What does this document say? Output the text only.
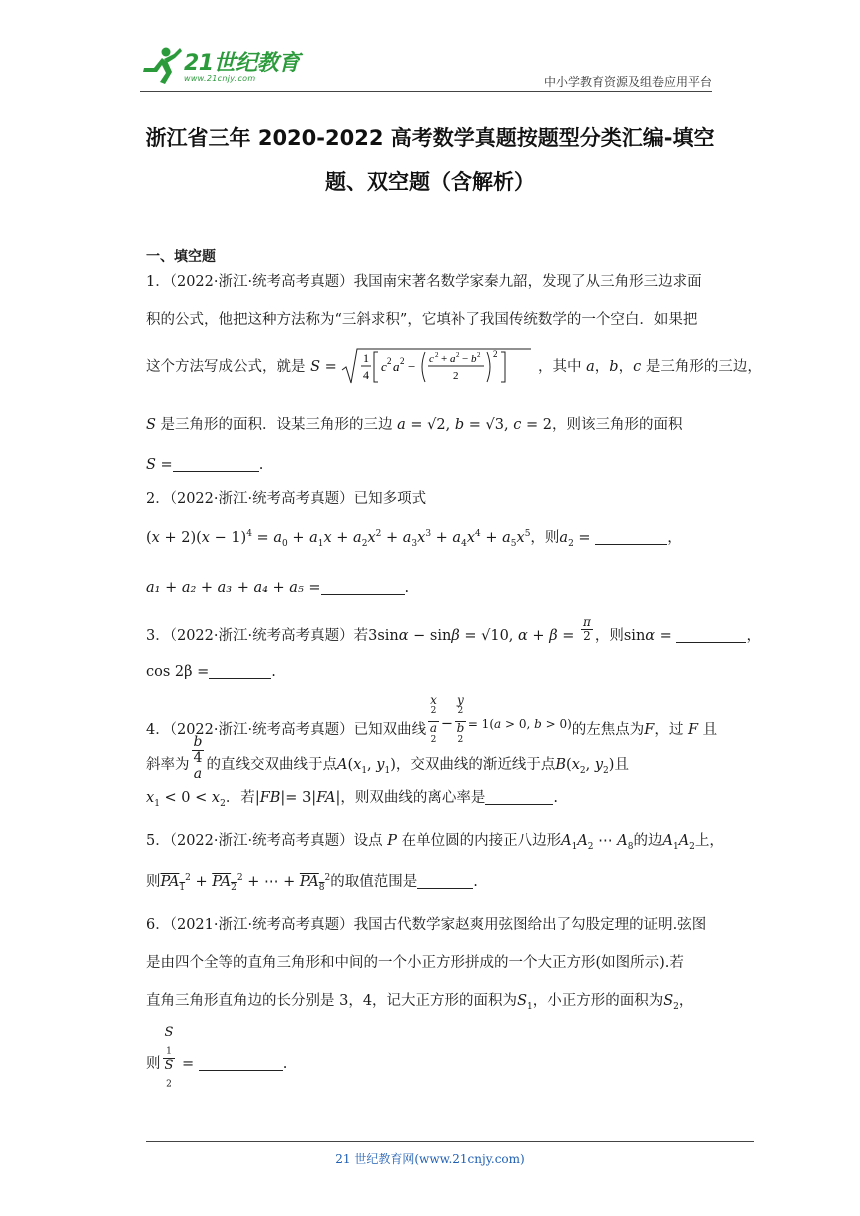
21世纪教育
www.21cnjy.com	中小学教育资源及组卷应用平台
浙江省三年 2020-2022 高考数学真题按题型分类汇编-填空
题、双空题（含解析）
一、填空题
1．（2022·浙江·统考高考真题）我国南宋著名数学家秦九韶，发现了从三角形三边求面
积的公式，他把这种方法称为“三斜求积”，它填补了我国传统数学的一个空白．如果把
这个方法写成公式，就是 S =
1
4
c 2 a 2 − c 2 + a 2 − b 2
2
2
，其中 a，b，c 是三角形的三边，
S 是三角形的面积．设某三角形的三边 a = √2, b = √3, c = 2，则该三角形的面积
S =	.
2．（2022·浙江·统考高考真题）已知多项式
$(x + 2)(x - 1)^4 = a_0 + a_1x + a_2x^2 + a_3x^3 + a_4x^4 + a_5x^5$，则$a_2$ =	，
a₁ + a₂ + a₃ + a₄ + a₅ =	.
3．（2022·浙江·统考高考真题）若3sinα − sinβ = √10, $\alpha + \beta = \frac{\pi}{2}$ ，则sinα =	，
cos 2β =	.
4．（2022·浙江·统考高考真题）已知双曲线 x
$^2$
a
$^2$ − y
$^2$
b
$^2$ = 1(a > 0, b > 0)的左焦点为F，过 F 且
斜率为 b
4
a 的直线交双曲线于点$A(x_1$, $y_1$)，交双曲线的渐近线于点$B(x_2$, $y_2$)且
$x_1 < 0 < x_2$．若|FB|= 3|FA|，则双曲线的离心率是	.
5．（2022·浙江·统考高考真题）设点 P 在单位圆的内接正八边形$A_1A_2$ ⋯ $A_8$的边$A_1A_2$上，
则$PA_1^2 + PA_2^2$ + ⋯ + $PA_8^2$的取值范围是	.
6．（2021·浙江·统考高考真题）我国古代数学家赵爽用弦图给出了勾股定理的证明.弦图
是由四个全等的直角三角形和中间的一个小正方形拼成的一个大正方形(如图所示).若
直角三角形直角边的长分别是 3，4，记大正方形的面积为$S_1$，小正方形的面积为$S_2$，
则 S
$_1$
S
$_2$ =	.
21 世纪教育网(www.21cnjy.com)
